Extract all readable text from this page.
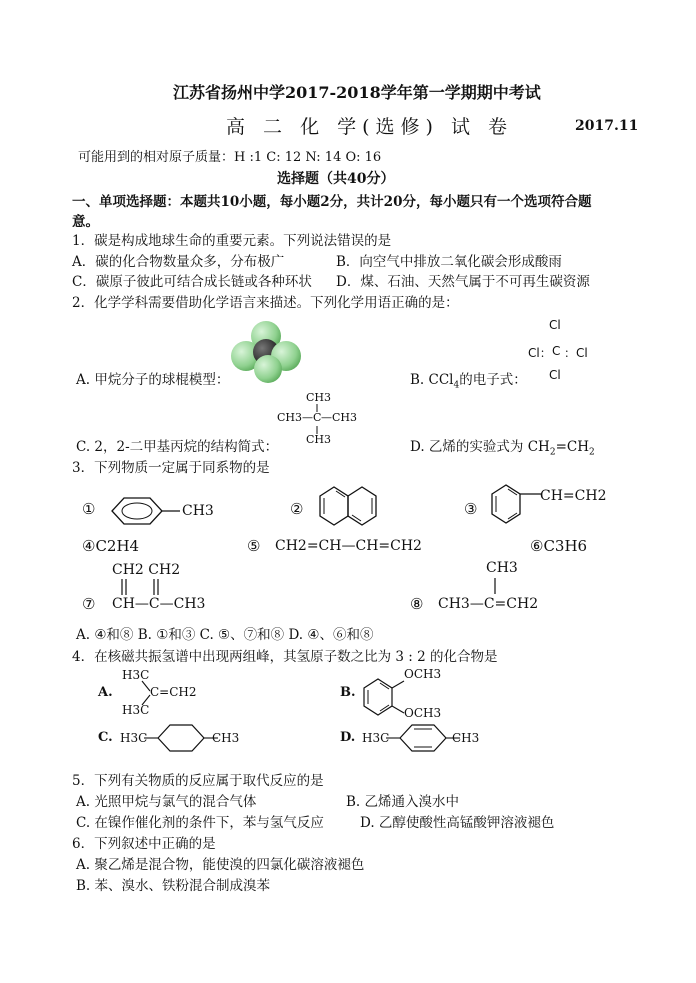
江苏省扬州中学2017-2018学年第一学期期中考试
高 二 化 学(选修) 试 卷	2017.11
可能用到的相对原子质量：H :1 C: 12 N: 14 O: 16
选择题（共40分）
一、单项选择题：本题共10小题，每小题2分，共计20分，每小题只有一个选项符合题
意。
1．碳是构成地球生命的重要元素。下列说法错误的是
A．碳的化合物数量众多，分布极广	B．向空气中排放二氧化碳会形成酸雨
C．碳原子彼此可结合成长链或各种环状 D．煤、石油、天然气属于不可再生碳资源
2．化学学科需要借助化学语言来描述。下列化学用语正确的是：
A. 甲烷分子的球棍模型：
Cl
Cl： C ：Cl
Cl
B. CCl$_4$的电子式：
CH3
CH3— C —CH3
CH3
C. 2，2-二甲基丙烷的结构简式：	D. 乙烯的实验式为 $CH_2=CH_2$
3．下列物质一定属于同系物的是
①	CH3	②	③
CH=CH2
④C2H4	⑤ CH2=CH—CH=CH2	⑥C3H6
CH2 CH2
⑦ CH—C—CH3
CH3
⑧ CH3—C=CH2
A. ④和⑧ B. ①和③ C. ⑤、⑦和⑧ D. ④、⑥和⑧
4．在核磁共振氢谱中出现两组峰，其氢原子数之比为 3 : 2 的化合物是
A.
H3C
H3C
C=CH2	B.
OCH3
OCH3
C. H3C	CH3	D. H3C	CH3
5．下列有关物质的反应属于取代反应的是
A. 光照甲烷与氯气的混合气体	B. 乙烯通入溴水中
C. 在镍作催化剂的条件下，苯与氢气反应	D. 乙醇使酸性高锰酸钾溶液褪色
6．下列叙述中正确的是
A. 聚乙烯是混合物，能使溴的四氯化碳溶液褪色
B. 苯、溴水、铁粉混合制成溴苯
